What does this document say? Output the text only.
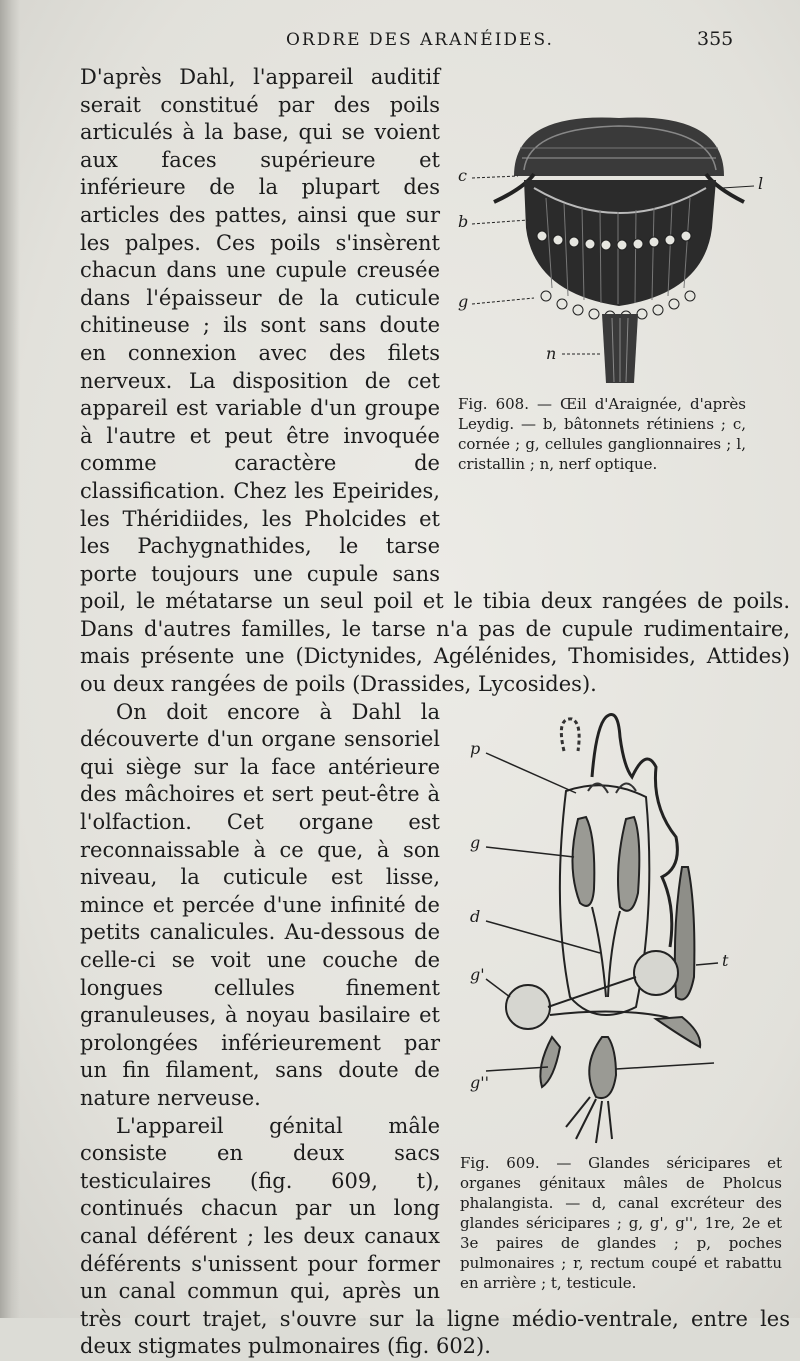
ORDRE DES ARANÉIDES.	355
c
b
g
l
n
Fig. 608. — Œil d'Araignée, d'après Leydig. — b, bâtonnets rétiniens ; c, cornée ; g, cellules ganglionnaires ; l, cristallin ; n, nerf optique.

D'après Dahl, l'appareil auditif serait constitué par des poils articulés à la base, qui se voient aux faces supérieure et inférieure de la plupart des articles des pattes, ainsi que sur les palpes. Ces poils s'insèrent chacun dans une cupule creusée dans l'épaisseur de la cuticule chitineuse ; ils sont sans doute en connexion avec des filets nerveux. La disposition de cet appareil est variable d'un groupe à l'autre et peut être invoquée comme caractère de classification. Chez les Epeirides, les Théridiides, les Pholcides et les Pachygnathides, le tarse porte toujours une cupule sans poil, le métatarse un seul poil et le tibia deux rangées de poils. Dans d'autres familles, le tarse n'a pas de cupule rudimentaire, mais présente une (Dictynides, Agélénides, Thomisides, Attides) ou deux rangées de poils (Drassides, Lycosides).

p
g
d
g'
g''
t
Fig. 609. — Glandes séricipares et organes génitaux mâles de Pholcus phalangista. — d, canal excréteur des glandes séricipares ; g, g', g'', 1re, 2e et 3e paires de glandes ; p, poches pulmonaires ; r, rectum coupé et rabattu en arrière ; t, testicule.

On doit encore à Dahl la découverte d'un organe sensoriel qui siège sur la face antérieure des mâchoires et sert peut-être à l'olfaction. Cet organe est reconnaissable à ce que, à son niveau, la cuticule est lisse, mince et percée d'une infinité de petits canalicules. Au-dessous de celle-ci se voit une couche de longues cellules finement granuleuses, à noyau basilaire et prolongées inférieurement par un fin filament, sans doute de nature nerveuse.

L'appareil génital mâle consiste en deux sacs testiculaires (fig. 609, t), continués chacun par un long canal déférent ; les deux canaux déférents s'unissent pour former un canal commun qui, après un très court trajet, s'ouvre sur la ligne médio-ventrale, entre les deux stigmates pulmonaires (fig. 602).
